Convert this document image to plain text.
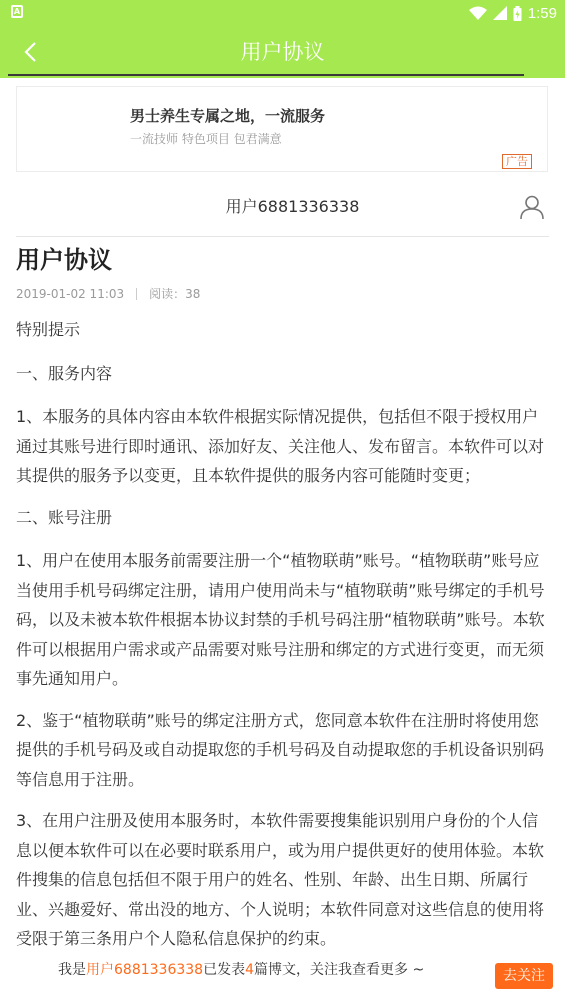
A	1:59
用户协议
男士养生专属之地，一流服务
一流技师 特色项目 包君满意
广告
用户6881336338
用户协议
2019-01-02 11:03 阅读：38

特别提示

一、服务内容

1、本服务的具体内容由本软件根据实际情况提供，包括但不限于授权用户通过其账号进行即时通讯、添加好友、关注他人、发布留言。本软件可以对其提供的服务予以变更，且本软件提供的服务内容可能随时变更；

二、账号注册

1、用户在使用本服务前需要注册一个“植物联萌”账号。“植物联萌”账号应当使用手机号码绑定注册，请用户使用尚未与“植物联萌”账号绑定的手机号码，以及未被本软件根据本协议封禁的手机号码注册“植物联萌”账号。本软件可以根据用户需求或产品需要对账号注册和绑定的方式进行变更，而无须事先通知用户。

2、鉴于“植物联萌”账号的绑定注册方式，您同意本软件在注册时将使用您提供的手机号码及或自动提取您的手机号码及自动提取您的手机设备识别码等信息用于注册。

3、在用户注册及使用本服务时，本软件需要搜集能识别用户身份的个人信息以便本软件可以在必要时联系用户，或为用户提供更好的使用体验。本软件搜集的信息包括但不限于用户的姓名、性别、年龄、出生日期、所属行业、兴趣爱好、常出没的地方、个人说明；本软件同意对这些信息的使用将受限于第三条用户个人隐私信息保护的约束。

我是用户6881336338已发表4篇博文，关注我查看更多 ~	去关注
